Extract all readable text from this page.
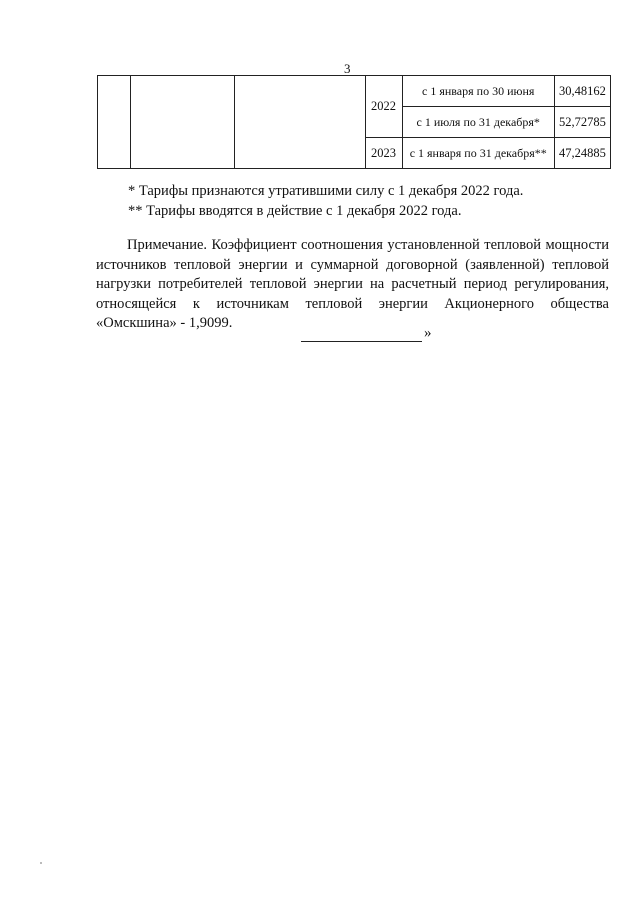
3
			2022	с 1 января по 30 июня	30,48162
				с 1 июля по 31 декабря*	52,72785
			2023	с 1 января по 31 декабря**	47,24885
* Тарифы признаются утратившими силу с 1 декабря 2022 года.
** Тарифы вводятся в действие с 1 декабря 2022 года.
Примечание. Коэффициент соотношения установленной тепловой мощности источников тепловой энергии и суммарной договорной (заявленной) тепловой нагрузки потребителей тепловой энергии на расчетный период регулирования, относящейся к источникам тепловой энергии Акционерного общества «Омскшина» - 1,9099.
»
